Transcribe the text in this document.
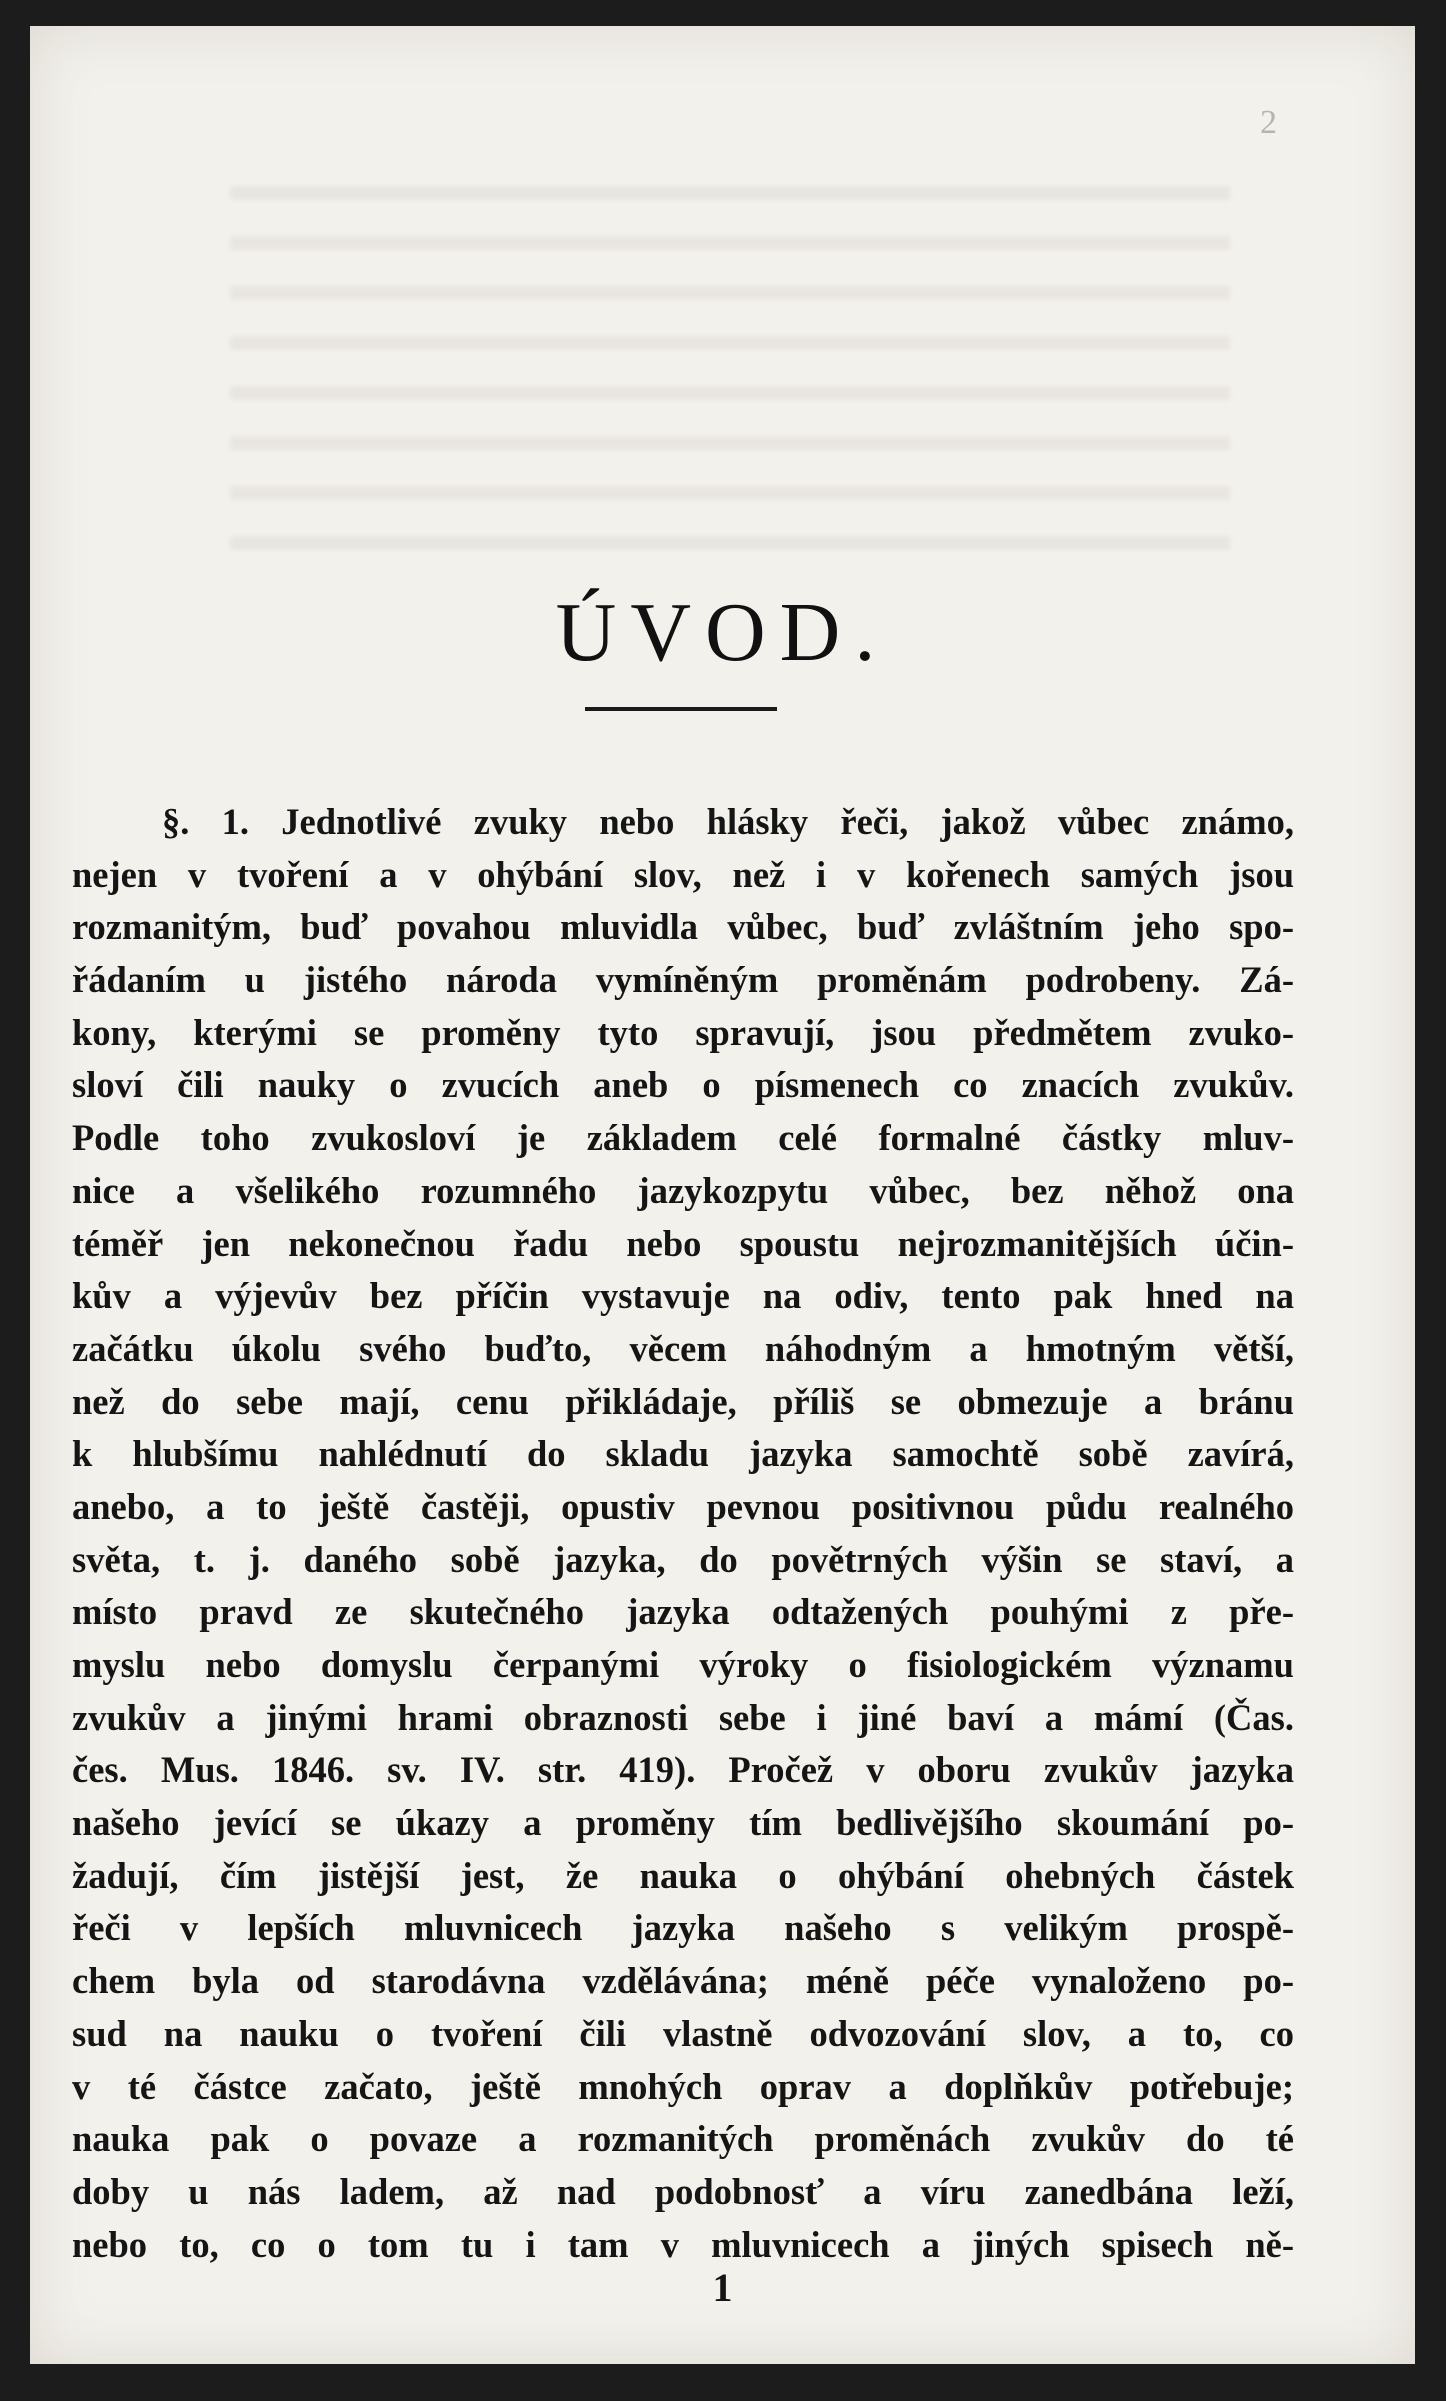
2
ÚVOD.
§. 1. Jednotlivé zvuky nebo hlásky řeči, jakož vůbec známo,
nejen v tvoření a v ohýbání slov, než i v kořenech samých jsou
rozmanitým, buď povahou mluvidla vůbec, buď zvláštním jeho spo-
řádaním u jistého národa vymíněným proměnám podrobeny. Zá-
kony, kterými se proměny tyto spravují, jsou předmětem zvuko-
sloví čili nauky o zvucích aneb o písmenech co znacích zvukův.
Podle toho zvukosloví je základem celé formalné částky mluv-
nice a všelikého rozumného jazykozpytu vůbec, bez něhož ona
téměř jen nekonečnou řadu nebo spoustu nejrozmanitějších účin-
kův a výjevův bez příčin vystavuje na odiv, tento pak hned na
začátku úkolu svého buďto, věcem náhodným a hmotným větší,
než do sebe mají, cenu přikládaje, příliš se obmezuje a bránu
k hlubšímu nahlédnutí do skladu jazyka samochtě sobě zavírá,
anebo, a to ještě častěji, opustiv pevnou positivnou půdu realného
světa, t. j. daného sobě jazyka, do povětrných výšin se staví, a
místo pravd ze skutečného jazyka odtažených pouhými z pře-
myslu nebo domyslu čerpanými výroky o fisiologickém významu
zvukův a jinými hrami obraznosti sebe i jiné baví a mámí (Čas.
čes. Mus. 1846. sv. IV. str. 419). Pročež v oboru zvukův jazyka
našeho jevící se úkazy a proměny tím bedlivějšího skoumání po-
žadují, čím jistější jest, že nauka o ohýbání ohebných částek
řeči v lepších mluvnicech jazyka našeho s velikým prospě-
chem byla od starodávna vzdělávána; méně péče vynaloženo po-
sud na nauku o tvoření čili vlastně odvozování slov, a to, co
v té částce začato, ještě mnohých oprav a doplňkův potřebuje;
nauka pak o povaze a rozmanitých proměnách zvukův do té
doby u nás ladem, až nad podobnosť a víru zanedbána leží,
nebo to, co o tom tu i tam v mluvnicech a jiných spisech ně-

1
